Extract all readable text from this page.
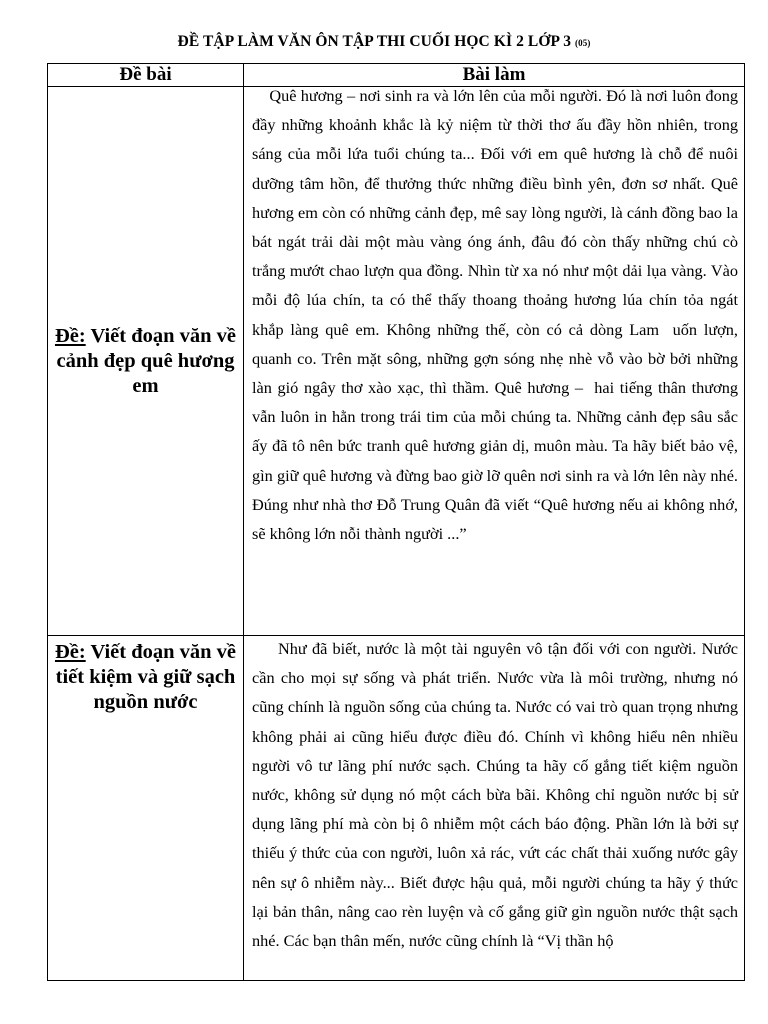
ĐỀ TẬP LÀM VĂN ÔN TẬP THI CUỐI HỌC KÌ 2 LỚP 3 (05)
Đề bài	Bài làm

Đề: Viết đoạn văn về cảnh đẹp quê hương em	Quê hương – nơi sinh ra và lớn lên của mỗi người. Đó là nơi luôn đong đầy những khoảnh khắc là kỷ niệm từ thời thơ ấu đầy hồn nhiên, trong sáng của mỗi lứa tuổi chúng ta... Đối với em quê hương là chỗ để nuôi dưỡng tâm hồn, để thưởng thức những điều bình yên, đơn sơ nhất. Quê hương em còn có những cảnh đẹp, mê say lòng người, là cánh đồng bao la bát ngát trải dài một màu vàng óng ánh, đâu đó còn thấy những chú cò trắng mướt chao lượn qua đồng. Nhìn từ xa nó như một dải lụa vàng. Vào mỗi độ lúa chín, ta có thể thấy thoang thoảng hương lúa chín tỏa ngát khắp làng quê em. Không những thế, còn có cả dòng Lam  uốn lượn, quanh co. Trên mặt sông, những gợn sóng nhẹ nhè vỗ vào bờ bởi những làn gió ngây thơ xào xạc, thì thầm. Quê hương –  hai tiếng thân thương vẫn luôn in hằn trong trái tim của mỗi chúng ta. Những cảnh đẹp sâu sắc ấy đã tô nên bức tranh quê hương giản dị, muôn màu. Ta hãy biết bảo vệ, gìn giữ quê hương và đừng bao giờ lỡ quên nơi sinh ra và lớn lên này nhé. Đúng như nhà thơ Đỗ Trung Quân đã viết “Quê hương nếu ai không nhớ, sẽ không lớn nỗi thành người ...”

Đề: Viết đoạn văn về tiết kiệm và giữ sạch nguồn nước	Như đã biết, nước là một tài nguyên vô tận đối với con người. Nước cần cho mọi sự sống và phát triển. Nước vừa là môi trường, nhưng nó cũng chính là nguồn sống của chúng ta. Nước có vai trò quan trọng nhưng không phải ai cũng hiểu được điều đó. Chính vì không hiểu nên nhiều người vô tư lãng phí nước sạch. Chúng ta hãy cố gắng tiết kiệm nguồn nước, không sử dụng nó một cách bừa bãi. Không chỉ nguồn nước bị sử dụng lãng phí mà còn bị ô nhiễm một cách báo động. Phần lớn là bởi sự thiếu ý thức của con người, luôn xả rác, vứt các chất thải xuống nước gây nên sự ô nhiễm này... Biết được hậu quả, mỗi người chúng ta hãy ý thức lại bản thân, nâng cao rèn luyện và cố gắng giữ gìn nguồn nước thật sạch nhé. Các bạn thân mến, nước cũng chính là “Vị thần hộ
